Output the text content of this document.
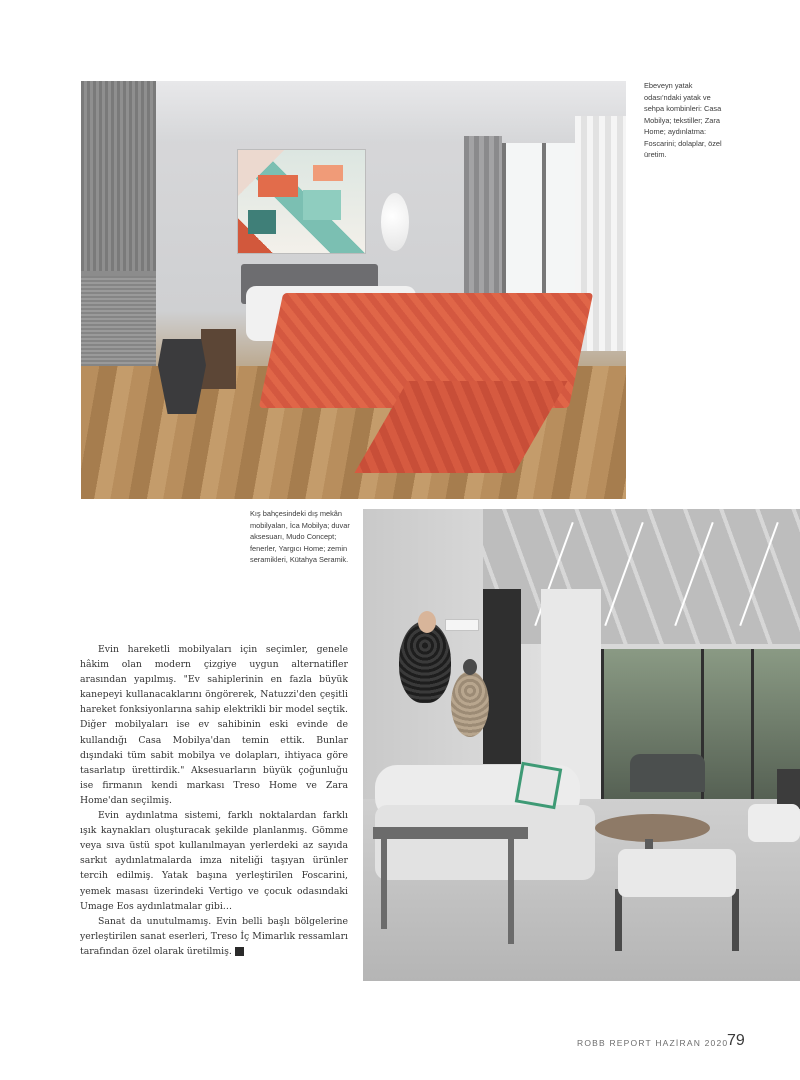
Ebeveyn yatak odası'ndaki yatak ve sehpa kombinleri: Casa Mobilya; tekstiller; Zara Home; aydınlatma: Foscarini; dolaplar, özel üretim.

Kış bahçesindeki dış mekân mobilyaları, İca Mobilya; duvar aksesuarı, Mudo Concept; fenerler, Yargıcı Home; zemin seramikleri, Kütahya Seramik.

Evin hareketli mobilyaları için seçimler, genele hâkim olan modern çizgiye uygun alternatifler arasından yapılmış. "Ev sahiplerinin en fazla büyük kanepeyi kullanacaklarını öngörerek, Natuzzi'den çeşitli hareket fonksiyonlarına sahip elektrikli bir model seçtik. Diğer mobilyaları ise ev sahibinin eski evinde de kullandığı Casa Mobilya'dan temin ettik. Bunlar dışındaki tüm sabit mobilya ve dolapları, ihtiyaca göre tasarlatıp ürettirdik." Aksesuarların büyük çoğunluğu ise firmanın kendi markası Treso Home ve Zara Home'dan seçilmiş.

Evin aydınlatma sistemi, farklı noktalardan farklı ışık kaynakları oluşturacak şekilde planlanmış. Gömme veya sıva üstü spot kullanılmayan yerlerdeki az sayıda sarkıt aydınlatmalarda imza niteliği taşıyan ürünler tercih edilmiş. Yatak başına yerleştirilen Foscarini, yemek masası üzerindeki Vertigo ve çocuk odasındaki Umage Eos aydınlatmalar gibi…

Sanat da unutulmamış. Evin belli başlı bölgelerine yerleştirilen sanat eserleri, Treso İç Mimarlık ressamları tarafından özel olarak üretilmiş.	R

ROBB REPORT HAZİRAN 2020
79
